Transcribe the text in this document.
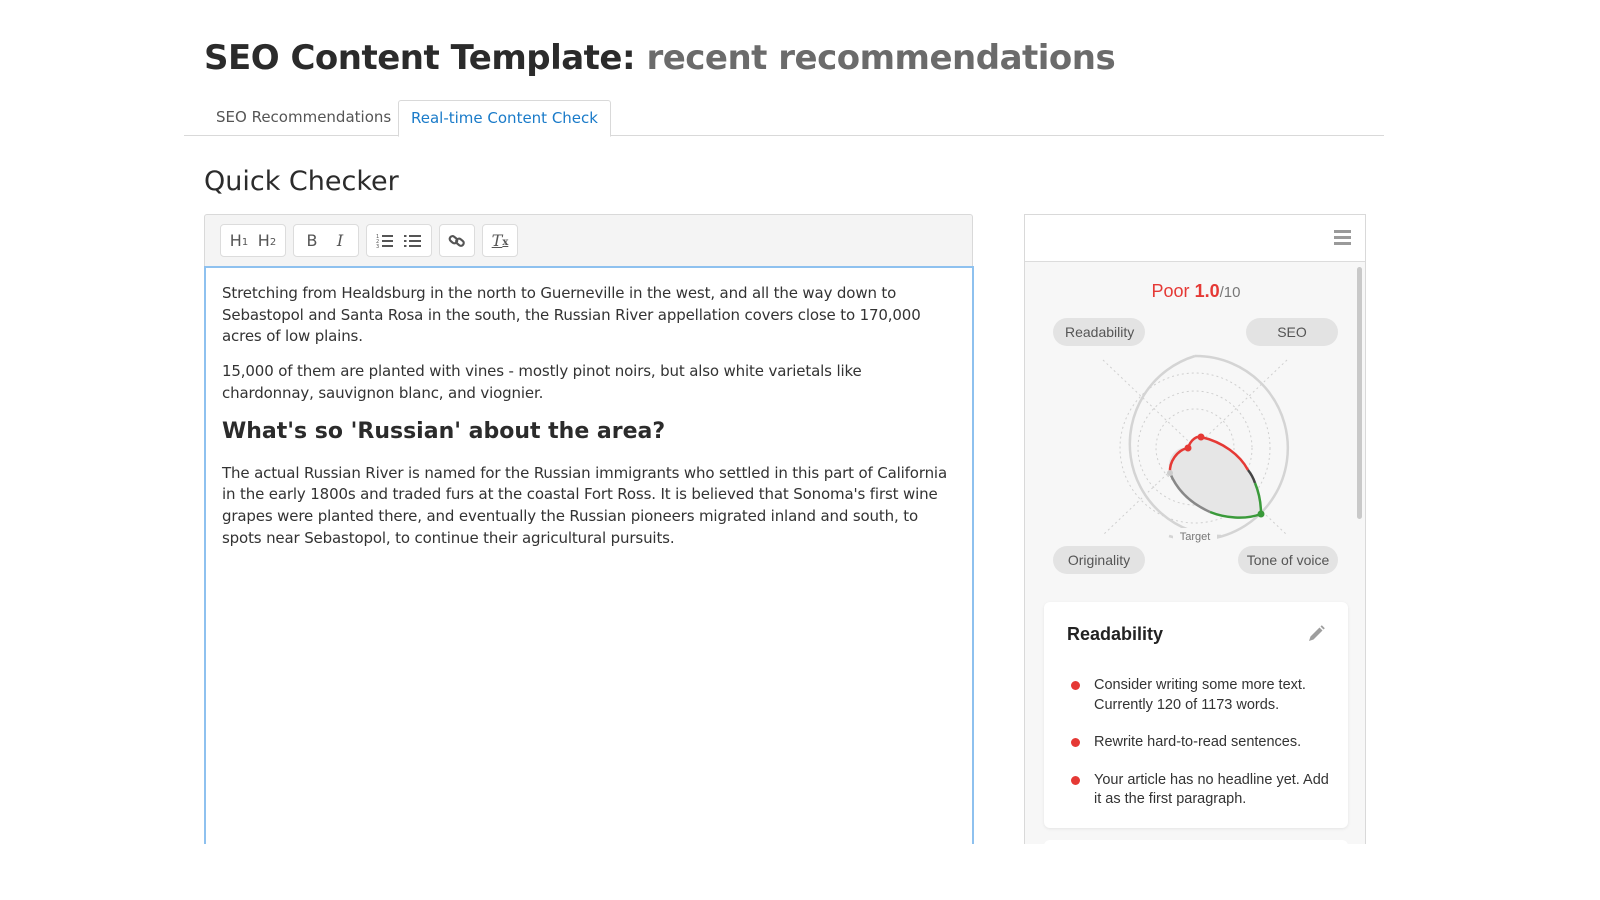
SEO Content Template: recent recommendations
SEO Recommendations	Real-time Content Check
Quick Checker
$H_1$ $H_2$	B	I	1
2
3	$T_x$

Stretching from Healdsburg in the north to Guerneville in the west, and all the way down to Sebastopol and Santa Rosa in the south, the Russian River appellation covers close to 170,000 acres of low plains.

15,000 of them are planted with vines - mostly pinot noirs, but also white varietals like chardonnay, sauvignon blanc, and viognier.

What's so 'Russian' about the area?

The actual Russian River is named for the Russian immigrants who settled in this part of California in the early 1800s and traded furs at the coastal Fort Ross. It is believed that Sonoma's first wine grapes were planted there, and eventually the Russian pioneers migrated inland and south, to spots near Sebastopol, to continue their agricultural pursuits.

Poor 1.0/10
Readability	SEO
Originality	Tone of voice
Target
Readability
Consider writing some more text. Currently 120 of 1173 words.
Rewrite hard-to-read sentences.
Your article has no headline yet. Add it as the first paragraph.
